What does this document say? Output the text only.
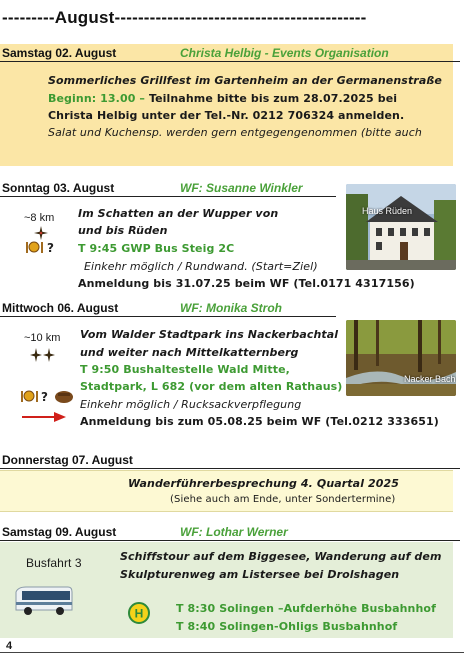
---------August-------------------------------------------
Samstag 02. August	Christa Helbig - Events Organisation
Sommerliches Grillfest im Gartenheim an der Germanenstraße
Beginn: 13.00 – Teilnahme bitte bis zum 28.07.2025 bei
Christa Helbig unter der Tel.-Nr. 0212 706324 anmelden.
Salat und Kuchensp. werden gern entgegengenommen (bitte auch
Sonntag 03. August	WF: Susanne Winkler
~8 km
?
Im Schatten an der Wupper von
und bis Rüden
T 9:45 GWP Bus Steig 2C
Einkehr möglich / Rundwand. (Start=Ziel)
Anmeldung bis 31.07.25 beim WF (Tel.0171 4317156)
Haus Rüden
Mittwoch 06. August	WF: Monika Stroh
~10 km
?
Vom Walder Stadtpark ins Nackerbachtal
und weiter nach Mittelkatternberg
T 9:50 Bushaltestelle Wald Mitte,
Stadtpark, L 682 (vor dem alten Rathaus)
Einkehr möglich / Rucksackverpflegung
Anmeldung bis zum 05.08.25 beim WF (Tel.0212 333651)
Nacker Bach
Donnerstag 07. August
Wanderführerbesprechung 4. Quartal 2025
(Siehe auch am Ende, unter Sondertermine)
Samstag 09. August	WF: Lothar Werner
Busfahrt 3	Schiffstour auf dem Biggesee, Wanderung auf dem
Skulpturenweg am Listersee bei Drolshagen
H	T 8:30 Solingen –Aufderhöhe Busbahnhof
T 8:40 Solingen-Ohligs Busbahnhof
4
